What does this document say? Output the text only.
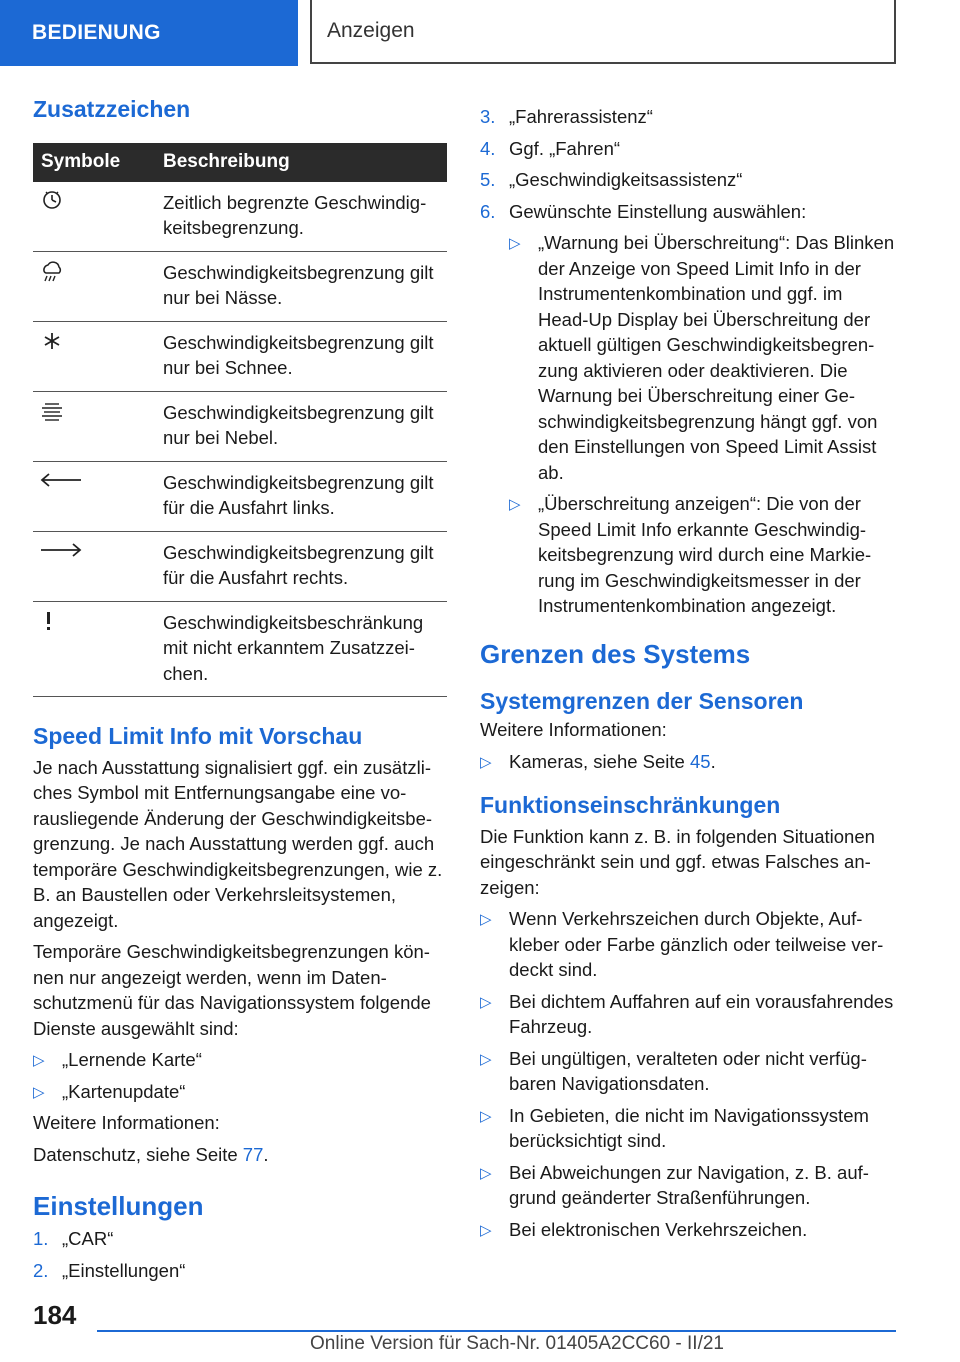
BEDIENUNG	Anzeigen
Zusatzzeichen
Symbole	Beschreibung
	Zeitlich begrenzte Geschwindigkeitsbegrenzung.
	Geschwindigkeitsbegrenzung gilt nur bei Nässe.
	Geschwindigkeitsbegrenzung gilt nur bei Schnee.
	Geschwindigkeitsbegrenzung gilt nur bei Nebel.
	Geschwindigkeitsbegrenzung gilt für die Ausfahrt links.
	Geschwindigkeitsbegrenzung gilt für die Ausfahrt rechts.
	Geschwindigkeitsbeschränkung mit nicht erkanntem Zusatzzeichen.
Speed Limit Info mit Vorschau

Je nach Ausstattung signalisiert ggf. ein zusätzliches Symbol mit Entfernungsangabe eine vorausliegende Änderung der Geschwindigkeitsbegrenzung. Je nach Ausstattung werden ggf. auch temporäre Geschwindigkeitsbegrenzungen, wie z. B. an Baustellen oder Verkehrsleitsystemen, angezeigt.

Temporäre Geschwindigkeitsbegrenzungen können nur angezeigt werden, wenn im Datenschutzmenü für das Navigationssystem folgende Dienste ausgewählt sind:

▷ „Lernende Karte“
▷ „Kartenupdate“

Weitere Informationen:

Datenschutz, siehe Seite 77.

Einstellungen
1. „CAR“
2. „Einstellungen“
3. „Fahrerassistenz“
4. Ggf. „Fahren“
5. „Geschwindigkeitsassistenz“
6. Gewünschte Einstellung auswählen:
▷ „Warnung bei Überschreitung“: Das Blinken der Anzeige von Speed Limit Info in der Instrumentenkombination und ggf. im Head-Up Display bei Überschreitung der aktuell gültigen Geschwindigkeitsbegrenzung aktivieren oder deaktivieren. Die Warnung bei Überschreitung einer Geschwindigkeitsbegrenzung hängt ggf. von den Einstellungen von Speed Limit Assist ab.
▷ „Überschreitung anzeigen“: Die von der Speed Limit Info erkannte Geschwindigkeitsbegrenzung wird durch eine Markierung im Geschwindigkeitsmesser in der Instrumentenkombination angezeigt.
Grenzen des Systems
Systemgrenzen der Sensoren

Weitere Informationen:

▷ Kameras, siehe Seite 45.
Funktionseinschränkungen

Die Funktion kann z. B. in folgenden Situationen eingeschränkt sein und ggf. etwas Falsches anzeigen:

▷ Wenn Verkehrszeichen durch Objekte, Aufkleber oder Farbe gänzlich oder teilweise verdeckt sind.
▷ Bei dichtem Auffahren auf ein vorausfahrendes Fahrzeug.
▷ Bei ungültigen, veralteten oder nicht verfügbaren Navigationsdaten.
▷ In Gebieten, die nicht im Navigationssystem berücksichtigt sind.
▷ Bei Abweichungen zur Navigation, z. B. aufgrund geänderter Straßenführungen.
▷ Bei elektronischen Verkehrszeichen.
184
Online Version für Sach-Nr. 01405A2CC60 - II/21
